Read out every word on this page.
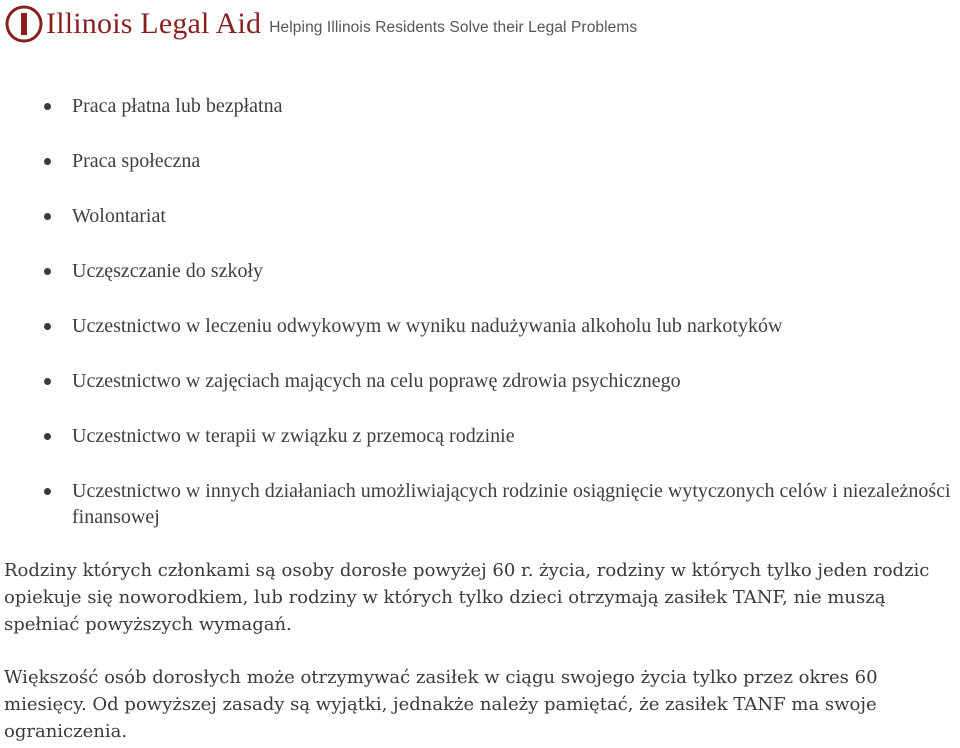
Illinois Legal Aid Helping Illinois Residents Solve their Legal Problems
Praca płatna lub bezpłatna
Praca społeczna
Wolontariat
Uczęszczanie do szkoły
Uczestnictwo w leczeniu odwykowym w wyniku nadużywania alkoholu lub narkotyków
Uczestnictwo w zajęciach mających na celu poprawę zdrowia psychicznego
Uczestnictwo w terapii w związku z przemocą rodzinie
Uczestnictwo w innych działaniach umożliwiających rodzinie osiągnięcie wytyczonych celów i niezależności finansowej

Rodziny których członkami są osoby dorosłe powyżej 60 r. życia, rodziny w których tylko jeden rodzic opiekuje się noworodkiem, lub rodziny w których tylko dzieci otrzymają zasiłek TANF, nie muszą spełniać powyższych wymagań.

Większość osób dorosłych może otrzymywać zasiłek w ciągu swojego życia tylko przez okres 60 miesięcy. Od powyższej zasady są wyjątki, jednakże należy pamiętać, że zasiłek TANF ma swoje ograniczenia.
